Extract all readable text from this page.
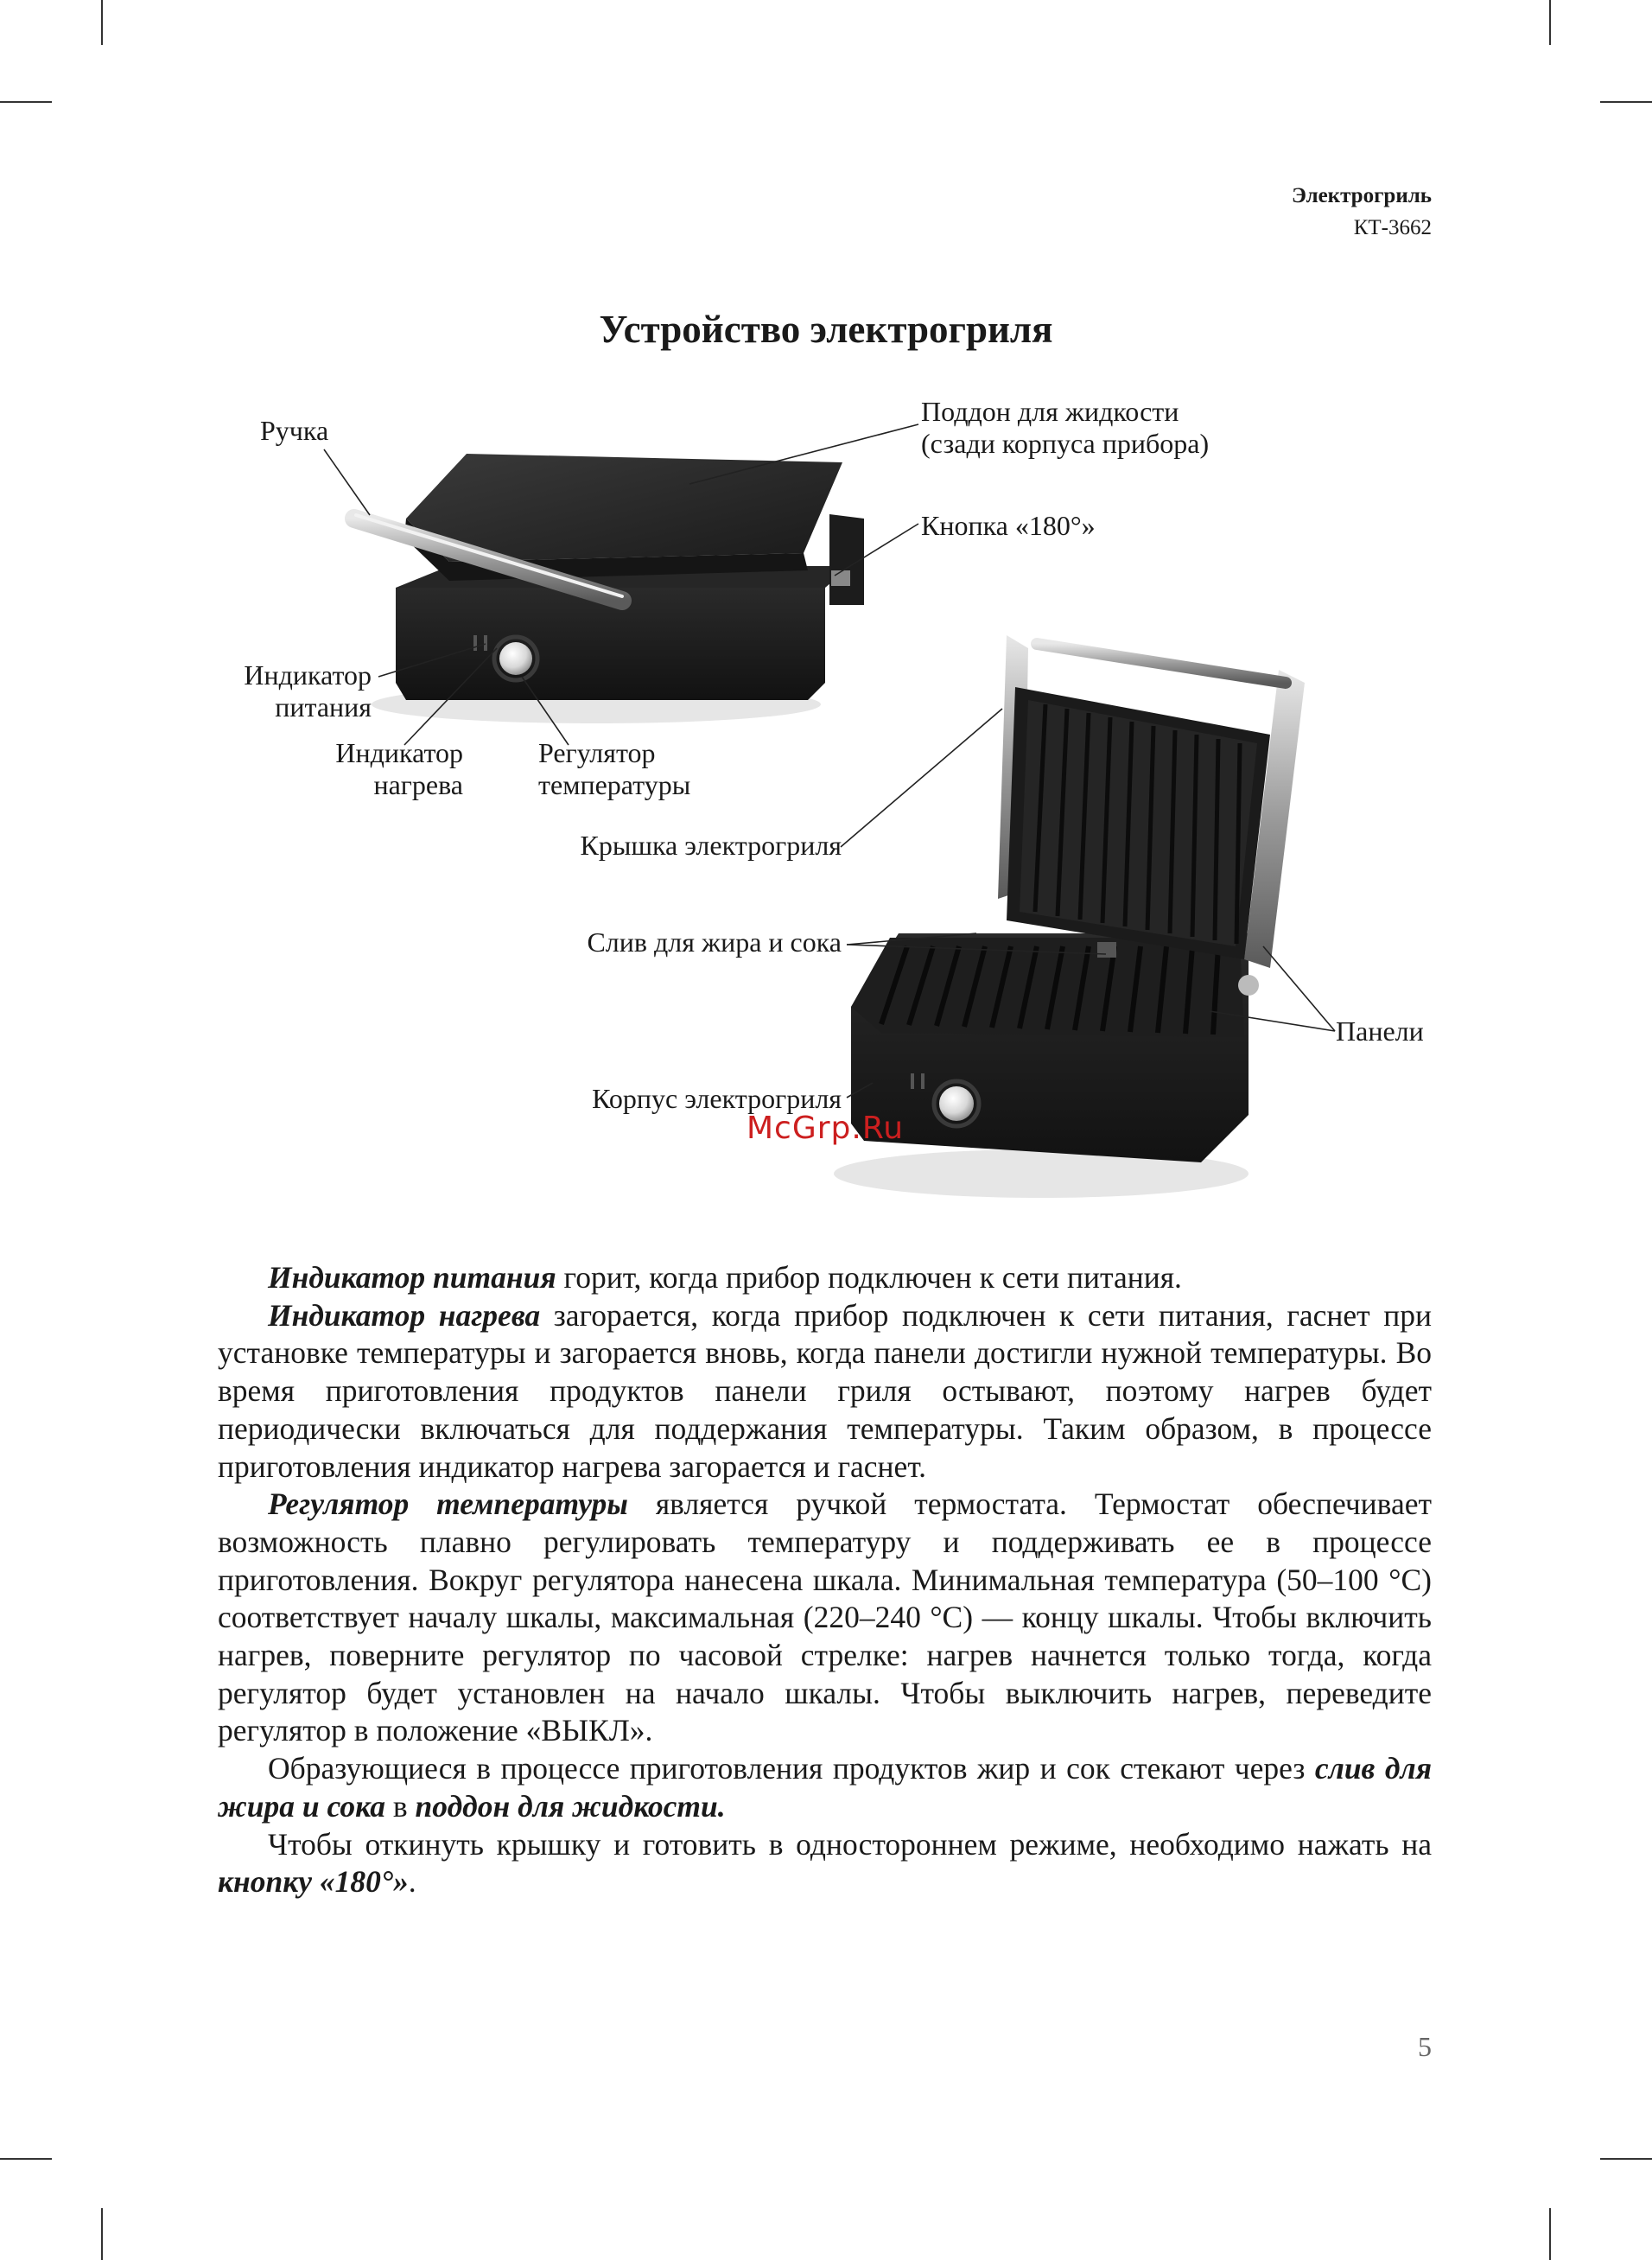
Электрогриль
КТ-3662
Устройство электрогриля
Ручка
Поддон для жидкости
(сзади корпуса прибора)
Кнопка «180°»
Индикатор
питания
Индикатор
нагрева
Регулятор
температуры
Крышка электрогриля
Слив для жира и сока
Панели
Корпус электрогриля
McGrp.Ru

Индикатор питания горит, когда прибор подключен к сети питания.

Индикатор нагрева загорается, когда прибор подключен к сети питания, гаснет при установке температуры и загорается вновь, когда панели достигли нужной температуры. Во время приготовления продуктов панели гриля остывают, поэтому нагрев будет периодически включаться для поддержания температуры. Таким образом, в процессе приготовления индикатор нагрева загорается и гаснет.

Регулятор температуры является ручкой термостата. Термостат обеспечивает возможность плавно регулировать температуру и поддерживать ее в процессе приготовления. Вокруг регулятора нанесена шкала. Минимальная температура (50–100 °С) соответствует началу шкалы, максимальная (220–240 °С) — концу шкалы. Чтобы включить нагрев, поверните регулятор по часовой стрелке: нагрев начнется только тогда, когда регулятор будет установлен на начало шкалы. Чтобы выключить нагрев, переведите регулятор в положение «ВЫКЛ».

Образующиеся в процессе приготовления продуктов жир и сок стекают через слив для жира и сока в поддон для жидкости.

Чтобы откинуть крышку и готовить в одностороннем режиме, необходимо нажать на кнопку «180°».

5
